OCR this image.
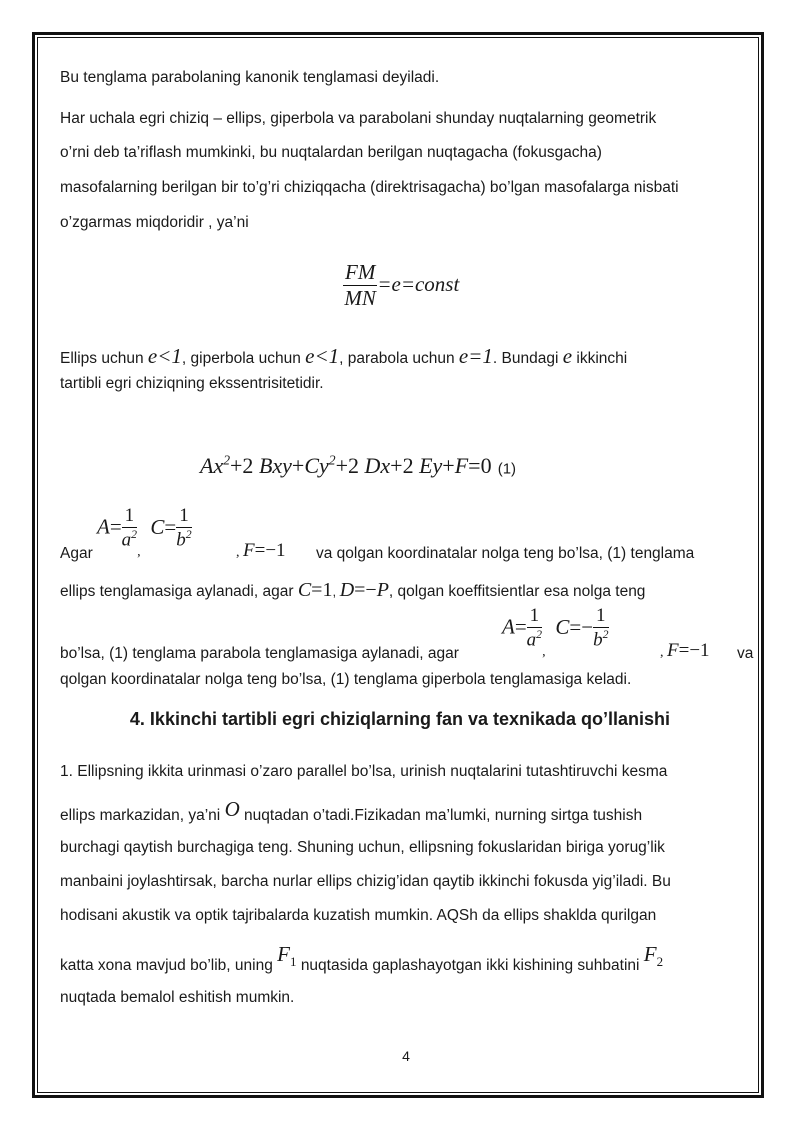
Bu tenglama parabolaning kanonik tenglamasi deyiladi.
Har uchala egri chiziq – ellips, giperbola va parabolani shunday nuqtalarning geometrik
o’rni deb ta’riflash mumkinki, bu nuqtalardan berilgan nuqtagacha (fokusgacha)
masofalarning berilgan bir to’g’ri chiziqqacha (direktrisagacha) bo’lgan masofalarga nisbati
o’zgarmas miqdoridir , ya’ni
$\frac{FM}{MN}$ =e=const
Ellips uchun e<1, giperbola uchun e<1, parabola uchun e=1. Bundagi e ikkinchi
tartibli egri chiziqning ekssentrisitetidir.
$Ax^2+2$ $Bxy+Cy^2+2$ Dx+2 Ey+F=0 (1)
Agar
$A= \frac{1}{a^2}$
$_,$ $C= \frac{1}{b^2}$
, F=−1 va qolgan koordinatalar nolga teng bo’lsa, (1) tenglama
ellips tenglamasiga aylanadi, agar C=1, D=−P, qolgan koeffitsientlar esa nolga teng
bo’lsa, (1) tenglama parabola tenglamasiga aylanadi, agar
$A= \frac{1}{a^2}$
$_,$ $C=- \frac{1}{b^2}$
, F=−1 va
qolgan koordinatalar nolga teng bo’lsa, (1) tenglama giperbola tenglamasiga keladi.
4. Ikkinchi tartibli egri chiziqlarning fan va texnikada qo’llanishi
1. Ellipsning ikkita urinmasi o’zaro parallel bo’lsa, urinish nuqtalarini tutashtiruvchi kesma
ellips markazidan, ya’ni O nuqtadan o’tadi.Fizikadan ma’lumki, nurning sirtga tushish
burchagi qaytish burchagiga teng. Shuning uchun, ellipsning fokuslaridan biriga yorug’lik
manbaini joylashtirsak, barcha nurlar ellips chizig’idan qaytib ikkinchi fokusda yig’iladi. Bu
hodisani akustik va optik tajribalarda kuzatish mumkin. AQSh da ellips shakldа qurilgan
katta xona mavjud bo’lib, uning $F_1$ nuqtasida gaplashayotgan ikki kishining suhbatini $F_2$
nuqtada bemalol eshitish mumkin.
4
